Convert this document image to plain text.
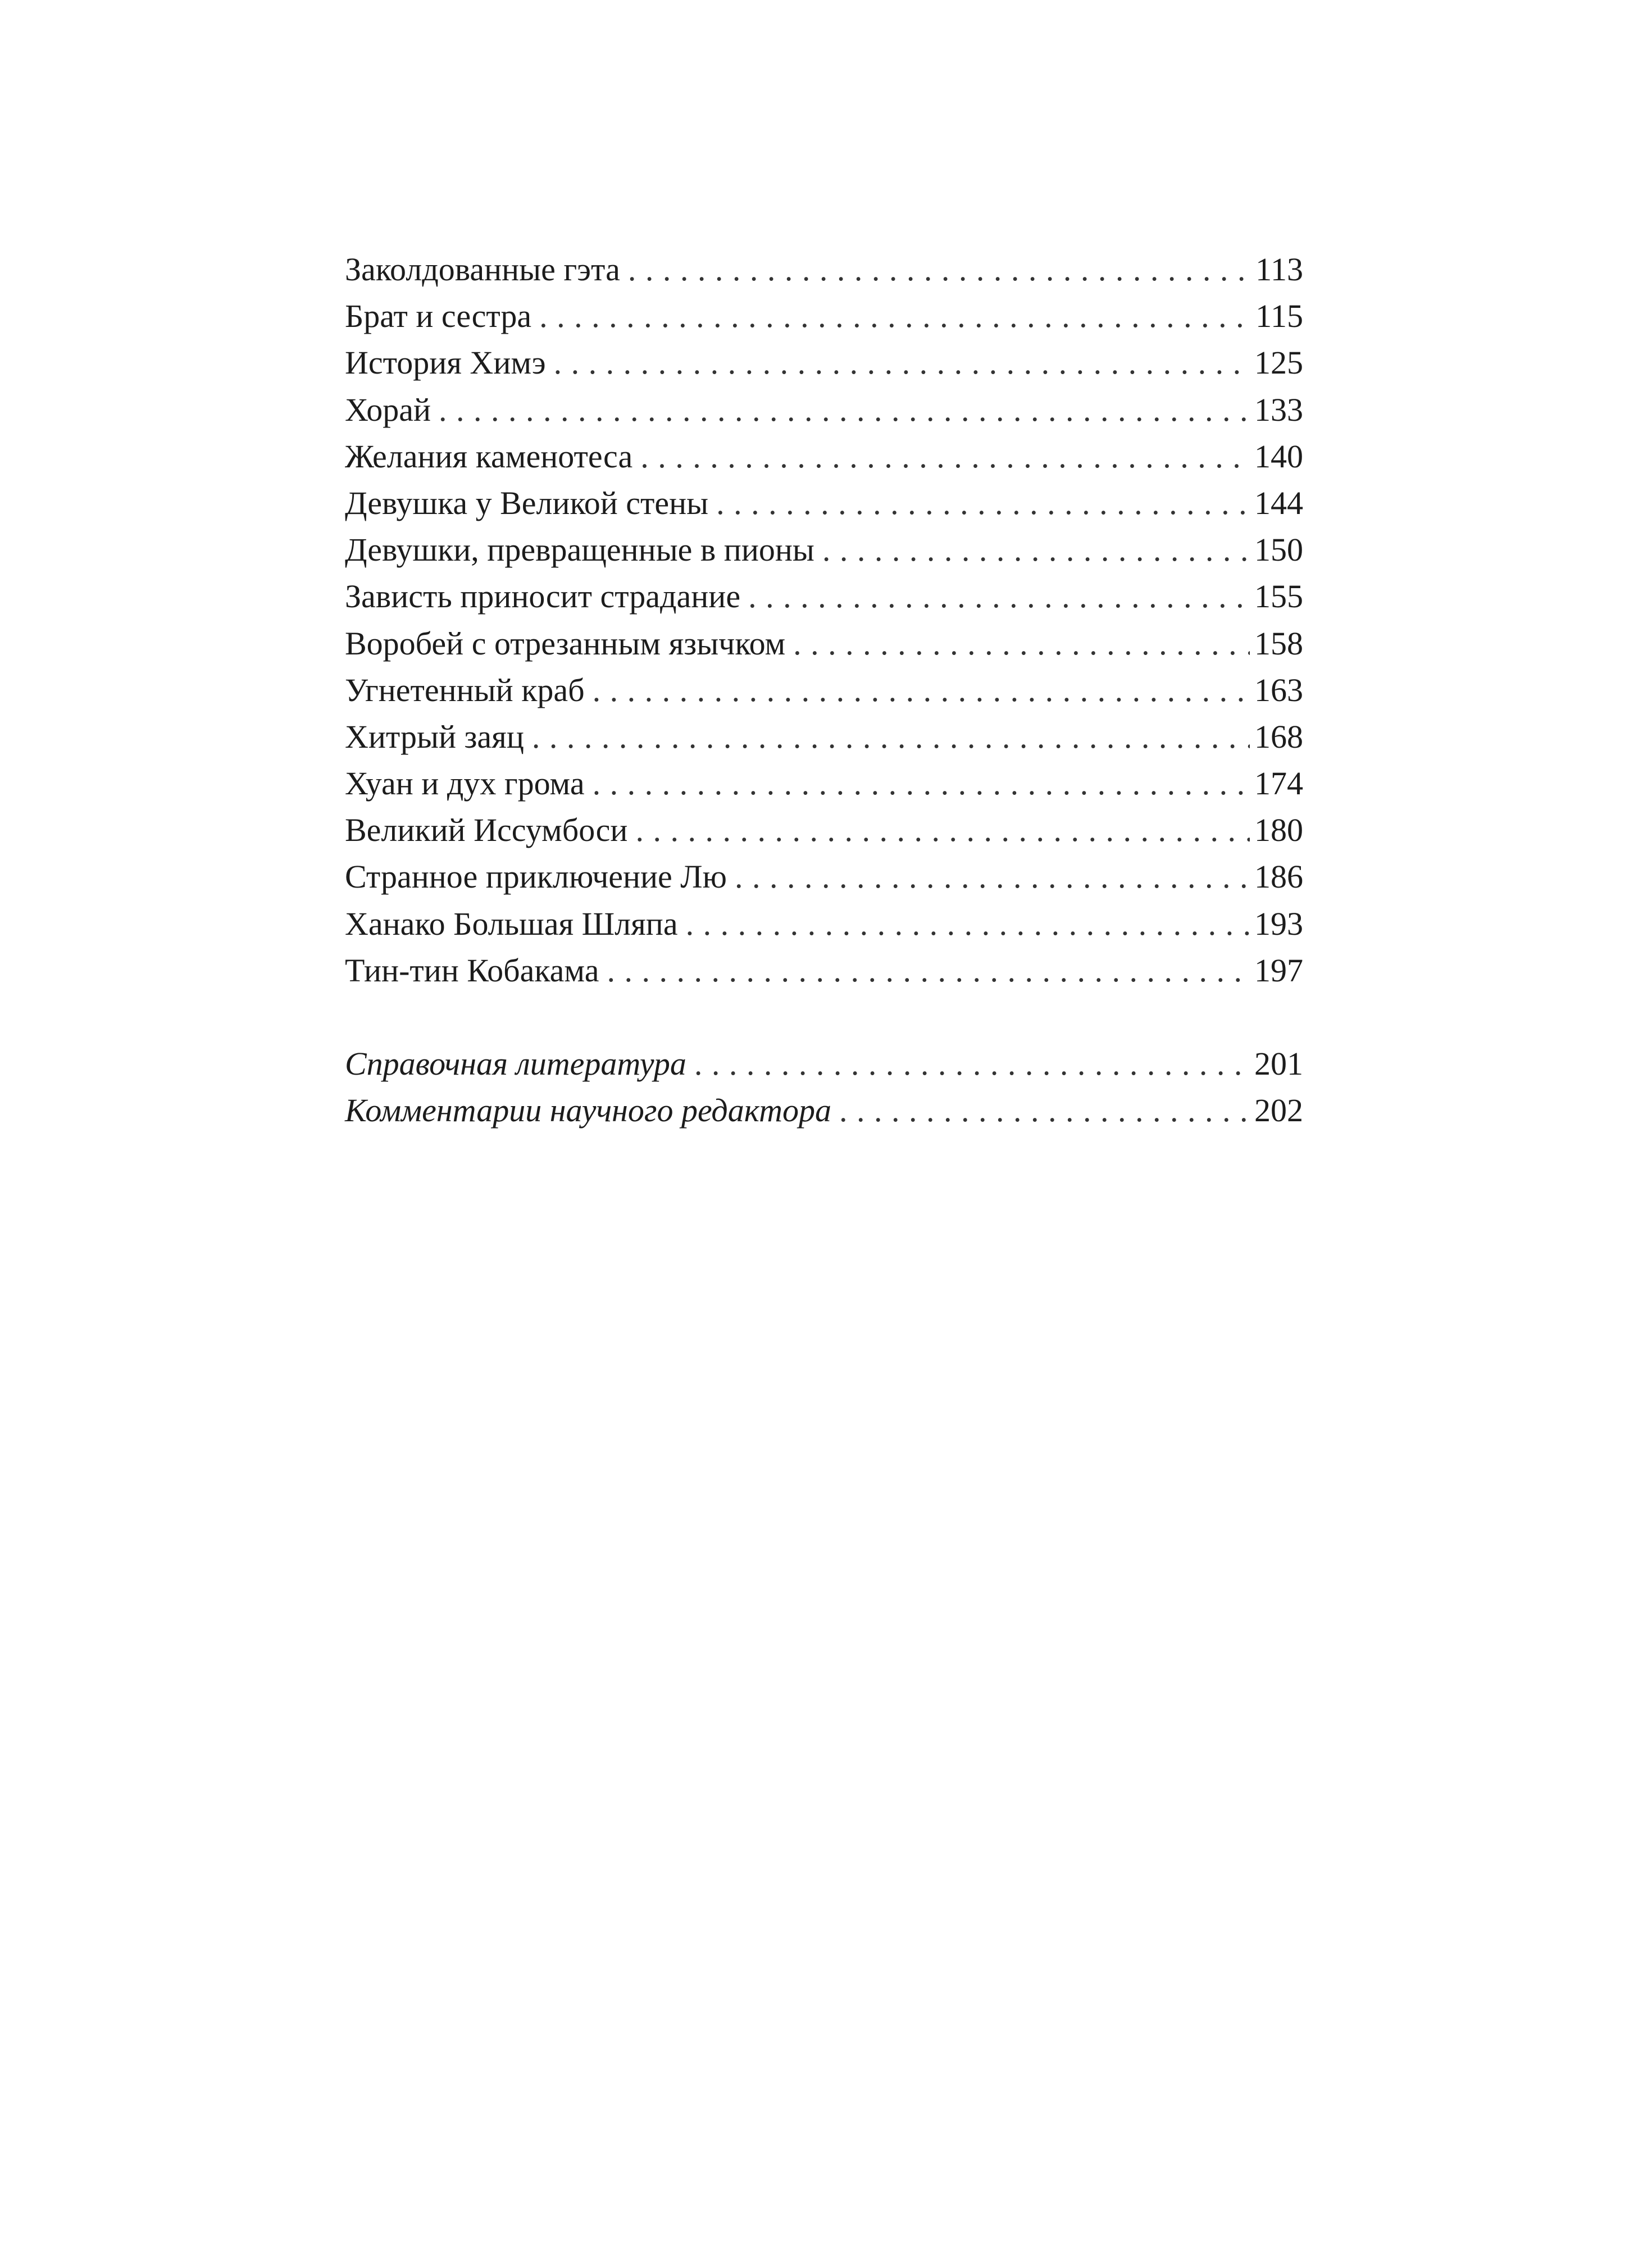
Заколдованные гэта . . .	113
Брат и сестра . . .	115
История Химэ . . .	125
Хорай . . .	133
Желания каменотеса . . .	140
Девушка у Великой стены . . .	144
Девушки, превращенные в пионы . . .	150
Зависть приносит страдание . . .	155
Воробей с отрезанным язычком . . .	158
Угнетенный краб . . .	163
Хитрый заяц . . .	168
Хуан и дух грома . . .	174
Великий Иссумбоси . . .	180
Странное приключение Лю . . .	186
Ханако Большая Шляпа . . .	193
Тин-тин Кобакама . . .	197
Справочная литература . . .	201
Комментарии научного редактора . . .	202
